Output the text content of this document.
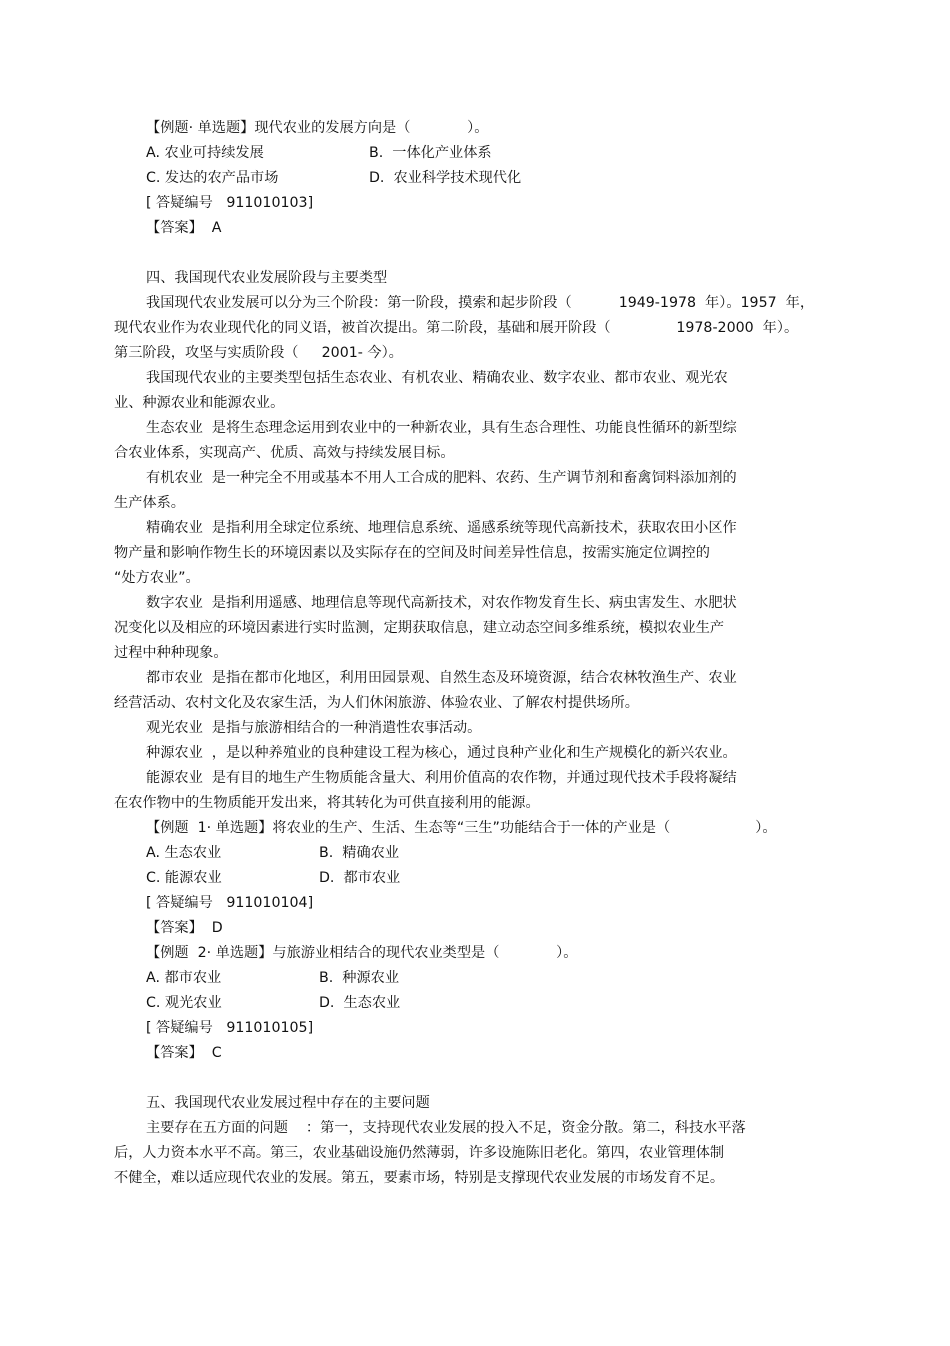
【例题· 单选题】现代农业的发展方向是（　　　　）。
A. 农业可持续发展	B.  一体化产业体系
C. 发达的农产品市场	D.  农业科学技术现代化
[ 答疑编号   911010103]
【答案】  A
四、我国现代农业发展阶段与主要类型
我国现代农业发展可以分为三个阶段：第一阶段，摸索和起步阶段（　　　 1949-1978  年）。1957  年，
现代农业作为农业现代化的同义语，被首次提出。第二阶段，基础和展开阶段（　　　　  1978-2000  年）。
第三阶段，攻坚与实质阶段（　  2001- 今）。
我国现代农业的主要类型包括生态农业、有机农业、精确农业、数字农业、都市农业、观光农
业、种源农业和能源农业。
生态农业  是将生态理念运用到农业中的一种新农业，具有生态合理性、功能良性循环的新型综
合农业体系，实现高产、优质、高效与持续发展目标。
有机农业  是一种完全不用或基本不用人工合成的肥料、农药、生产调节剂和畜禽饲料添加剂的
生产体系。
精确农业  是指利用全球定位系统、地理信息系统、遥感系统等现代高新技术，获取农田小区作
物产量和影响作物生长的环境因素以及实际存在的空间及时间差异性信息，按需实施定位调控的
“处方农业”。
数字农业  是指利用遥感、地理信息等现代高新技术，对农作物发育生长、病虫害发生、水肥状
况变化以及相应的环境因素进行实时监测，定期获取信息，建立动态空间多维系统，模拟农业生产
过程中种种现象。
都市农业  是指在都市化地区，利用田园景观、自然生态及环境资源，结合农林牧渔生产、农业
经营活动、农村文化及农家生活，为人们休闲旅游、体验农业、了解农村提供场所。
观光农业  是指与旅游相结合的一种消遣性农事活动。
种源农业  ，是以种养殖业的良种建设工程为核心，通过良种产业化和生产规模化的新兴农业。
能源农业  是有目的地生产生物质能含量大、利用价值高的农作物，并通过现代技术手段将凝结
在农作物中的生物质能开发出来，将其转化为可供直接利用的能源。
【例题  1· 单选题】将农业的生产、生活、生态等“三生”功能结合于一体的产业是（　　　　　　）。
A. 生态农业	B.  精确农业
C. 能源农业	D.  都市农业
[ 答疑编号   911010104]
【答案】  D
【例题  2· 单选题】与旅游业相结合的现代农业类型是（　　　　）。
A. 都市农业	B.  种源农业
C. 观光农业	D.  生态农业
[ 答疑编号   911010105]
【答案】  C
五、我国现代农业发展过程中存在的主要问题
主要存在五方面的问题    ：第一，支持现代农业发展的投入不足，资金分散。第二，科技水平落
后，人力资本水平不高。第三，农业基础设施仍然薄弱，许多设施陈旧老化。第四，农业管理体制
不健全，难以适应现代农业的发展。第五，要素市场，特别是支撑现代农业发展的市场发育不足。
